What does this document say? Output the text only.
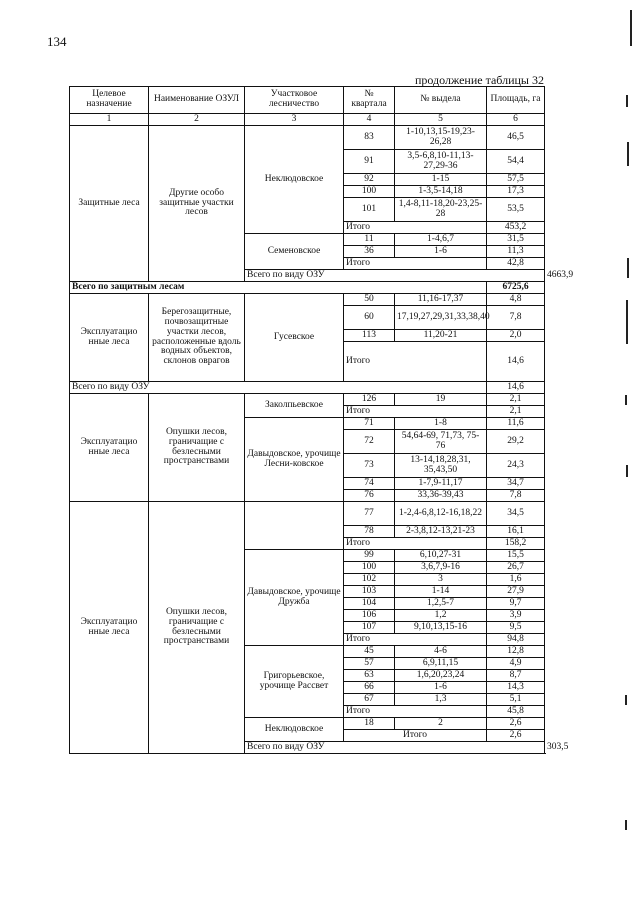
134
продолжение таблицы 32
Целевое назначение	Наименование ОЗУЛ	Участковое лесничество	№ квартала	№ выдела	Площадь, га	
1	2	3	4	5	6	
Защитные леса	Другие особо защитные участки лесов	Неклюдовское	83	1-10,13,15-19,23-26,28	46,5	
			91	3,5-6,8,10-11,13-27,29-36	54,4	
			92	1-15	57,5	
			100	1-3,5-14,18	17,3	
			101	1,4-8,11-18,20-23,25-28	53,5	
			Итого		453,2	
		Семеновское	11	1-4,6,7	31,5	
			36	1-6	11,3	
			Итого		42,8	
		Всего по виду ОЗУ				4663,9
Всего по защитным лесам					6725,6	
Эксплуатацио нные леса	Берегозащитные, почвозащитные участки лесов, расположенные вдоль водных объектов, склонов оврагов	Гусевское	50	11,16-17,37	4,8	
			60	17,19,27,29,31,33,38,40	7,8	
			113	11,20-21	2,0	
			Итого		14,6	
Всего по виду ОЗУ					14,6	
Эксплуатацио нные леса	Опушки лесов, граничащие с безлесными пространствами	Заколпьевское	126	19	2,1	
			Итого		2,1	
		Давыдовское, урочище Лесни-ковское	71	1-8	11,6	
			72	54,64-69, 71,73, 75-76	29,2	
			73	13-14,18,28,31, 35,43,50	24,3	
			74	1-7,9-11,17	34,7	
			76	33,36-39,43	7,8	
Эксплуатацио нные леса	Опушки лесов, граничащие с безлесными пространствами		77	1-2,4-6,8,12-16,18,22	34,5	
			78	2-3,8,12-13,21-23	16,1	
			Итого		158,2	
		Давыдовское, урочище Дружба	99	6,10,27-31	15,5	
			100	3,6,7,9-16	26,7	
			102	3	1,6	
			103	1-14	27,9	
			104	1,2,5-7	9,7	
			106	1,2	3,9	
			107	9,10,13,15-16	9,5	
			Итого		94,8	
		Григорьевское, урочище Рассвет	45	4-6	12,8	
			57	6,9,11,15	4,9	
			63	1,6,20,23,24	8,7	
			66	1-6	14,3	
			67	1,3	5,1	
			Итого		45,8	
		Неклюдовское	18	2	2,6	
			Итого		2,6	
		Всего по виду ОЗУ				303,5
